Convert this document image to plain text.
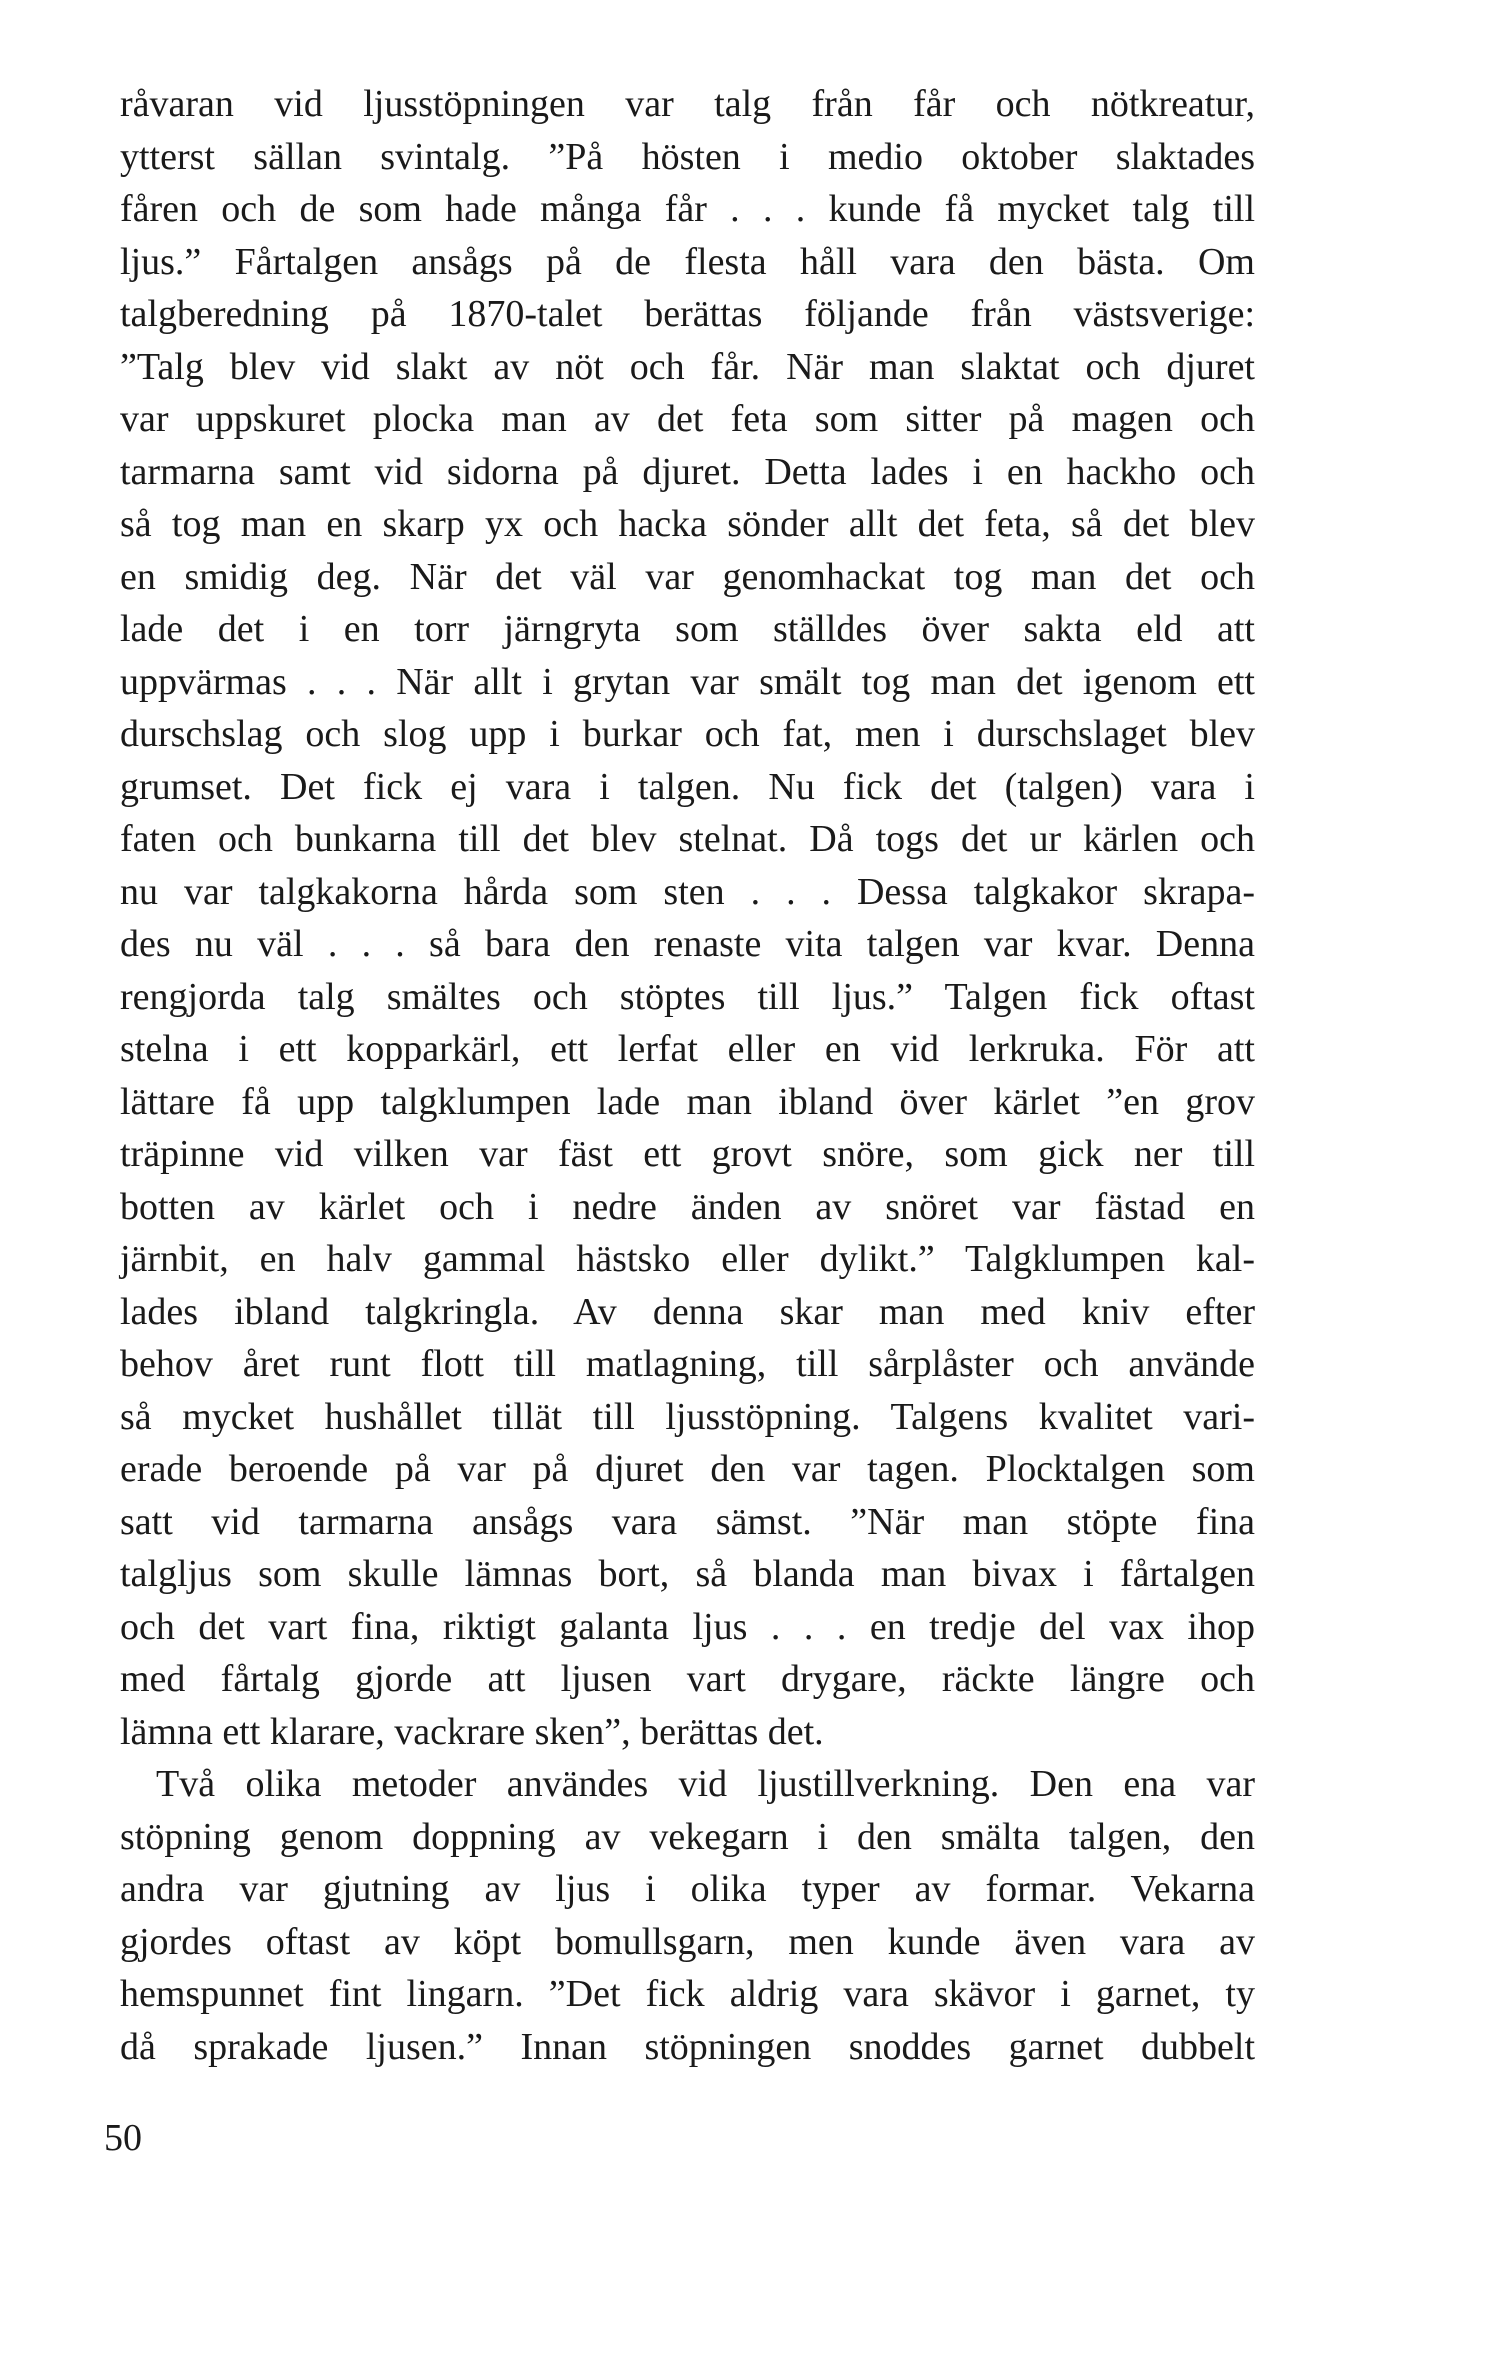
råvaran vid ljusstöpningen var talg från får och nötkreatur,
ytterst sällan svintalg. ”På hösten i medio oktober slaktades
fåren och de som hade många får . . . kunde få mycket talg till
ljus.” Fårtalgen ansågs på de flesta håll vara den bästa. Om
talgberedning på 1870-talet berättas följande från västsverige:
”Talg blev vid slakt av nöt och får. När man slaktat och djuret
var uppskuret plocka man av det feta som sitter på magen och
tarmarna samt vid sidorna på djuret. Detta lades i en hackho och
så tog man en skarp yx och hacka sönder allt det feta, så det blev
en smidig deg. När det väl var genomhackat tog man det och
lade det i en torr järngryta som ställdes över sakta eld att
uppvärmas . . . När allt i grytan var smält tog man det igenom ett
durschslag och slog upp i burkar och fat, men i durschslaget blev
grumset. Det fick ej vara i talgen. Nu fick det (talgen) vara i
faten och bunkarna till det blev stelnat. Då togs det ur kärlen och
nu var talgkakorna hårda som sten . . . Dessa talgkakor skrapa-
des nu väl . . . så bara den renaste vita talgen var kvar. Denna
rengjorda talg smältes och stöptes till ljus.” Talgen fick oftast
stelna i ett kopparkärl, ett lerfat eller en vid lerkruka. För att
lättare få upp talgklumpen lade man ibland över kärlet ”en grov
träpinne vid vilken var fäst ett grovt snöre, som gick ner till
botten av kärlet och i nedre änden av snöret var fästad en
järnbit, en halv gammal hästsko eller dylikt.” Talgklumpen kal-
lades ibland talgkringla. Av denna skar man med kniv efter
behov året runt flott till matlagning, till sårplåster och använde
så mycket hushållet tillät till ljusstöpning. Talgens kvalitet vari-
erade beroende på var på djuret den var tagen. Plocktalgen som
satt vid tarmarna ansågs vara sämst. ”När man stöpte fina
talgljus som skulle lämnas bort, så blanda man bivax i fårtalgen
och det vart fina, riktigt galanta ljus . . . en tredje del vax ihop
med fårtalg gjorde att ljusen vart drygare, räckte längre och
lämna ett klarare, vackrare sken”, berättas det.
Två olika metoder användes vid ljustillverkning. Den ena var
stöpning genom doppning av vekegarn i den smälta talgen, den
andra var gjutning av ljus i olika typer av formar. Vekarna
gjordes oftast av köpt bomullsgarn, men kunde även vara av
hemspunnet fint lingarn. ”Det fick aldrig vara skävor i garnet, ty
då sprakade ljusen.” Innan stöpningen snoddes garnet dubbelt
50
